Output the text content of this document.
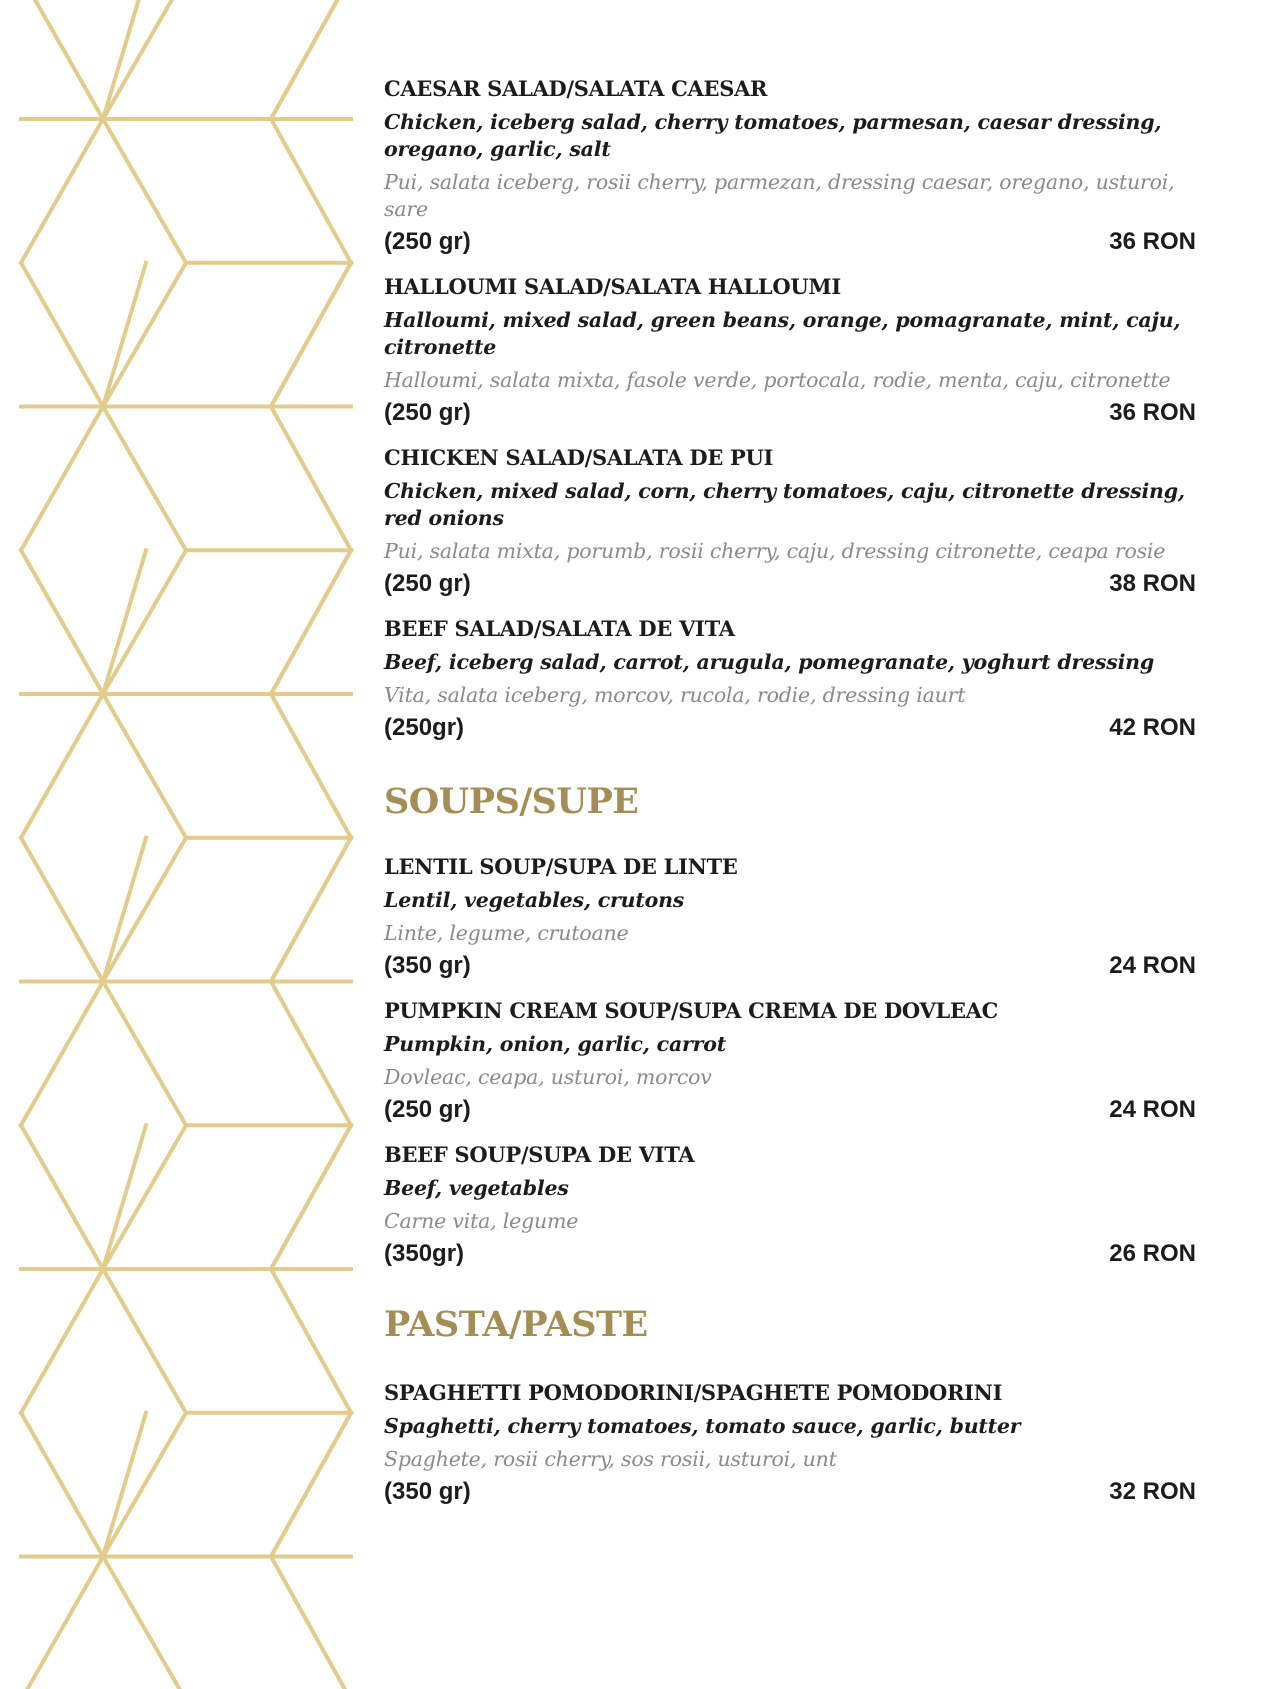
CAESAR SALAD/SALATA CAESAR
Chicken, iceberg salad, cherry tomatoes, parmesan, caesar dressing, oregano, garlic, salt
Pui, salata iceberg, rosii cherry, parmezan, dressing caesar, oregano, usturoi, sare
(250 gr)	36 RON
HALLOUMI SALAD/SALATA HALLOUMI
Halloumi, mixed salad, green beans, orange, pomagranate, mint, caju, citronette
Halloumi, salata mixta, fasole verde, portocala, rodie, menta, caju, citronette
(250 gr)	36 RON
CHICKEN SALAD/SALATA DE PUI
Chicken, mixed salad, corn, cherry tomatoes, caju, citronette dressing, red onions
Pui, salata mixta, porumb, rosii cherry, caju, dressing citronette, ceapa rosie
(250 gr)	38 RON
BEEF SALAD/SALATA DE VITA
Beef, iceberg salad, carrot, arugula, pomegranate, yoghurt dressing
Vita, salata iceberg, morcov, rucola, rodie, dressing iaurt
(250gr)	42 RON
SOUPS/SUPE
LENTIL SOUP/SUPA DE LINTE
Lentil, vegetables, crutons
Linte, legume, crutoane
(350 gr)	24 RON
PUMPKIN CREAM SOUP/SUPA CREMA DE DOVLEAC
Pumpkin, onion, garlic, carrot
Dovleac, ceapa, usturoi, morcov
(250 gr)	24 RON
BEEF SOUP/SUPA DE VITA
Beef, vegetables
Carne vita, legume
(350gr)	26 RON
PASTA/PASTE
SPAGHETTI POMODORINI/SPAGHETE POMODORINI
Spaghetti, cherry tomatoes, tomato sauce, garlic, butter
Spaghete, rosii cherry, sos rosii, usturoi, unt
(350 gr)	32 RON
